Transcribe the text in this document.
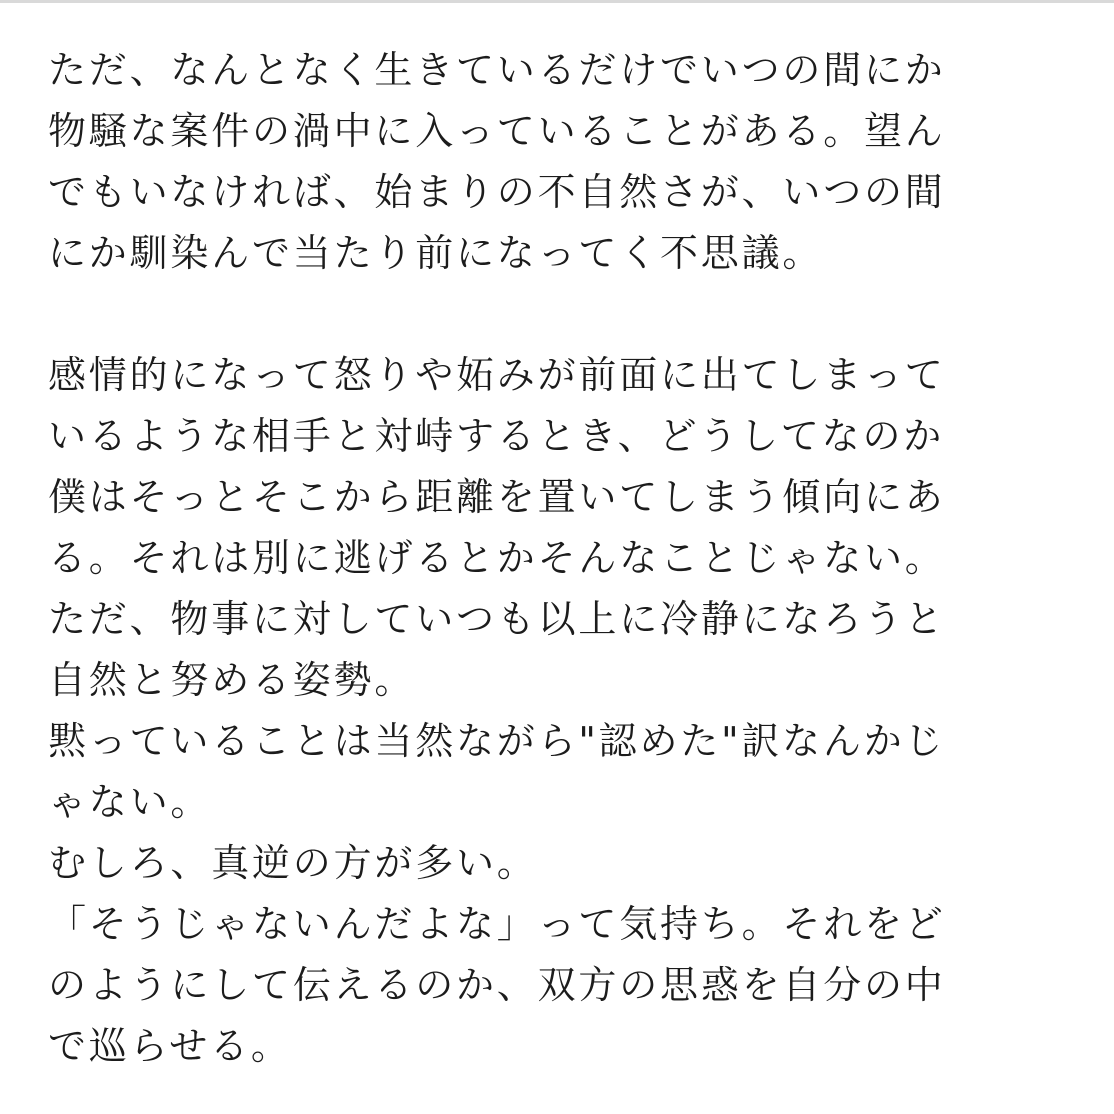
ただ、なんとなく生きているだけでいつの間にか
物騒な案件の渦中に入っていることがある。望ん
でもいなければ、始まりの不自然さが、いつの間
にか馴染んで当たり前になってく不思議。
感情的になって怒りや妬みが前面に出てしまって
いるような相手と対峙するとき、どうしてなのか
僕はそっとそこから距離を置いてしまう傾向にあ
る。それは別に逃げるとかそんなことじゃない。
ただ、物事に対していつも以上に冷静になろうと
自然と努める姿勢。
黙っていることは当然ながら"認めた"訳なんかじ
ゃない。
むしろ、真逆の方が多い。
「そうじゃないんだよな」って気持ち。それをど
のようにして伝えるのか、双方の思惑を自分の中
で巡らせる。
